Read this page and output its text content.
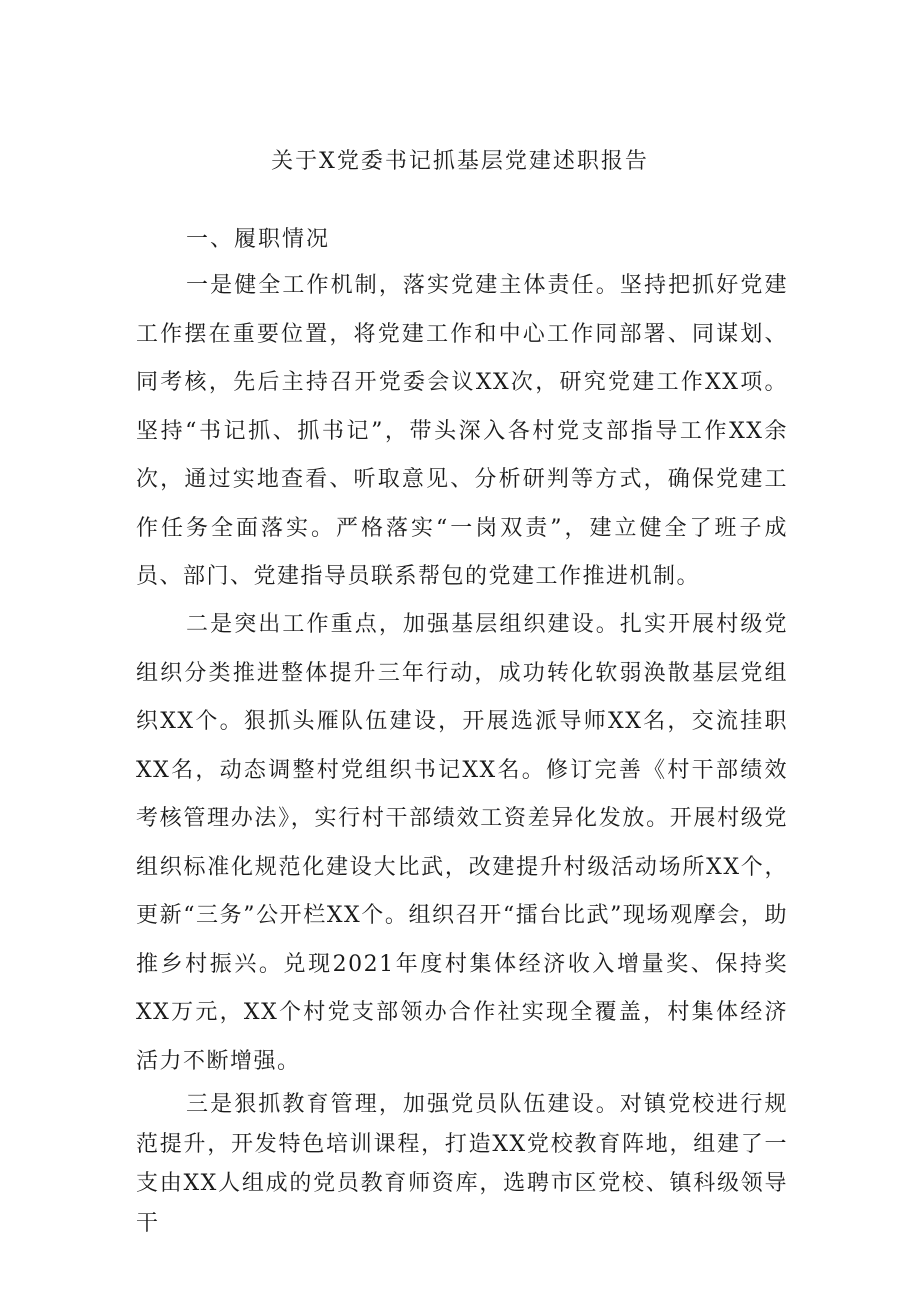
关于X党委书记抓基层党建述职报告
一、履职情况

一是健全工作机制，落实党建主体责任。坚持把抓好党建工作摆在重要位置，将党建工作和中心工作同部署、同谋划、同考核，先后主持召开党委会议XX次，研究党建工作XX项。坚持“书记抓、抓书记”，带头深入各村党支部指导工作XX余次，通过实地查看、听取意见、分析研判等方式，确保党建工作任务全面落实。严格落实“一岗双责”，建立健全了班子成员、部门、党建指导员联系帮包的党建工作推进机制。

二是突出工作重点，加强基层组织建设。扎实开展村级党组织分类推进整体提升三年行动，成功转化软弱涣散基层党组织XX个。狠抓头雁队伍建设，开展选派导师XX名，交流挂职XX名，动态调整村党组织书记XX名。修订完善《村干部绩效考核管理办法》，实行村干部绩效工资差异化发放。开展村级党组织标准化规范化建设大比武，改建提升村级活动场所XX个，更新“三务”公开栏XX个。组织召开“擂台比武”现场观摩会，助推乡村振兴。兑现2021年度村集体经济收入增量奖、保持奖XX万元，XX个村党支部领办合作社实现全覆盖，村集体经济活力不断增强。

三是狠抓教育管理，加强党员队伍建设。对镇党校进行规范提升，开发特色培训课程，打造XX党校教育阵地，组建了一支由XX人组成的党员教育师资库，选聘市区党校、镇科级领导干
